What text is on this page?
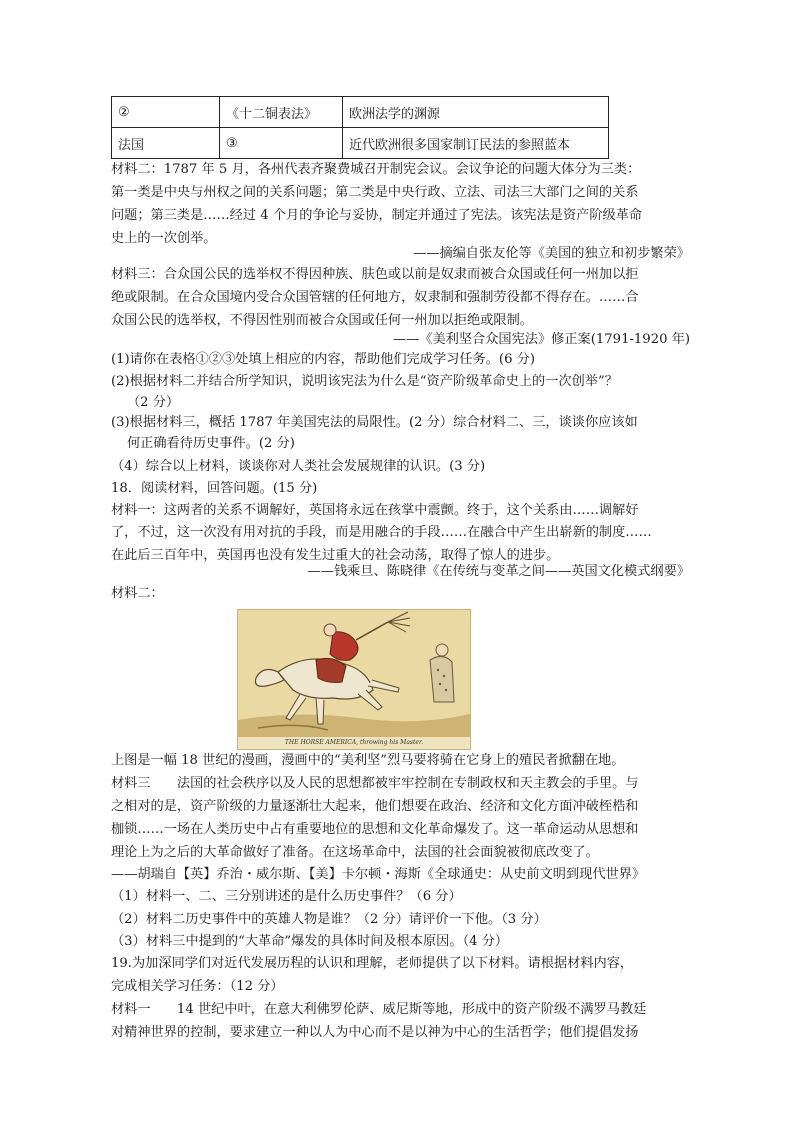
②	《十二铜表法》	欧洲法学的渊源
法国	③	近代欧洲很多国家制订民法的参照蓝本
材料二：1787 年 5 月，各州代表齐聚费城召开制宪会议。会议争论的问题大体分为三类：
第一类是中央与州权之间的关系问题；第二类是中央行政、立法、司法三大部门之间的关系
问题；第三类是……经过 4 个月的争论与妥协，制定并通过了宪法。该宪法是资产阶级革命
史上的一次创举。
——摘编自张友伦等《美国的独立和初步繁荣》
材料三：合众国公民的选举权不得因种族、肤色或以前是奴隶而被合众国或任何一州加以拒
绝或限制。在合众国境内受合众国管辖的任何地方，奴隶制和强制劳役都不得存在。……合
众国公民的选举权，不得因性别而被合众国或任何一州加以拒绝或限制。
——《美利坚合众国宪法》修正案(1791-1920 年)
(1)请你在表格①②③处填上相应的内容，帮助他们完成学习任务。(6 分)
(2)根据材料二并结合所学知识，说明该宪法为什么是“资产阶级革命史上的一次创举”？
（2 分）
(3)根据材料三，概括 1787 年美国宪法的局限性。(2 分）综合材料二、三，谈谈你应该如
何正确看待历史事件。(2 分)
（4）综合以上材料，谈谈你对人类社会发展规律的认识。(3 分)
18．阅读材料，回答问题。(15 分)
材料一：这两者的关系不调解好，英国将永远在孩掌中震颤。终于，这个关系由……调解好
了，不过，这一次没有用对抗的手段，而是用融合的手段……在融合中产生出崭新的制度……
在此后三百年中，英国再也没有发生过重大的社会动荡，取得了惊人的进步。
——钱乘旦、陈晓律《在传统与变革之间——英国文化模式纲要》
材料二：
THE HORSE AMERICA, throwing his Master.
上图是一幅 18 世纪的漫画，漫画中的“美利坚”烈马要将骑在它身上的殖民者掀翻在地。
材料三　　法国的社会秩序以及人民的思想都被牢牢控制在专制政权和天主教会的手里。与
之相对的是，资产阶级的力量逐渐壮大起来，他们想要在政治、经济和文化方面冲破桎梏和
枷锁……一场在人类历史中占有重要地位的思想和文化革命爆发了。这一革命运动从思想和
理论上为之后的大革命做好了准备。在这场革命中，法国的社会面貌被彻底改变了。
——胡瑞自【英】乔治・威尔斯、【美】卡尔顿・海斯《全球通史：从史前文明到现代世界》
（1）材料一、二、三分别讲述的是什么历史事件？（6 分）
（2）材料二历史事件中的英雄人物是谁？（2 分）请评价一下他。（3 分）
（3）材料三中提到的“大革命”爆发的具体时间及根本原因。（4 分）
19.为加深同学们对近代发展历程的认识和理解，老师提供了以下材料。请根据材料内容，
完成相关学习任务：（12 分）
材料一　　14 世纪中叶，在意大利佛罗伦萨、威尼斯等地，形成中的资产阶级不满罗马教廷
对精神世界的控制，要求建立一种以人为中心而不是以神为中心的生活哲学；他们提倡发扬
